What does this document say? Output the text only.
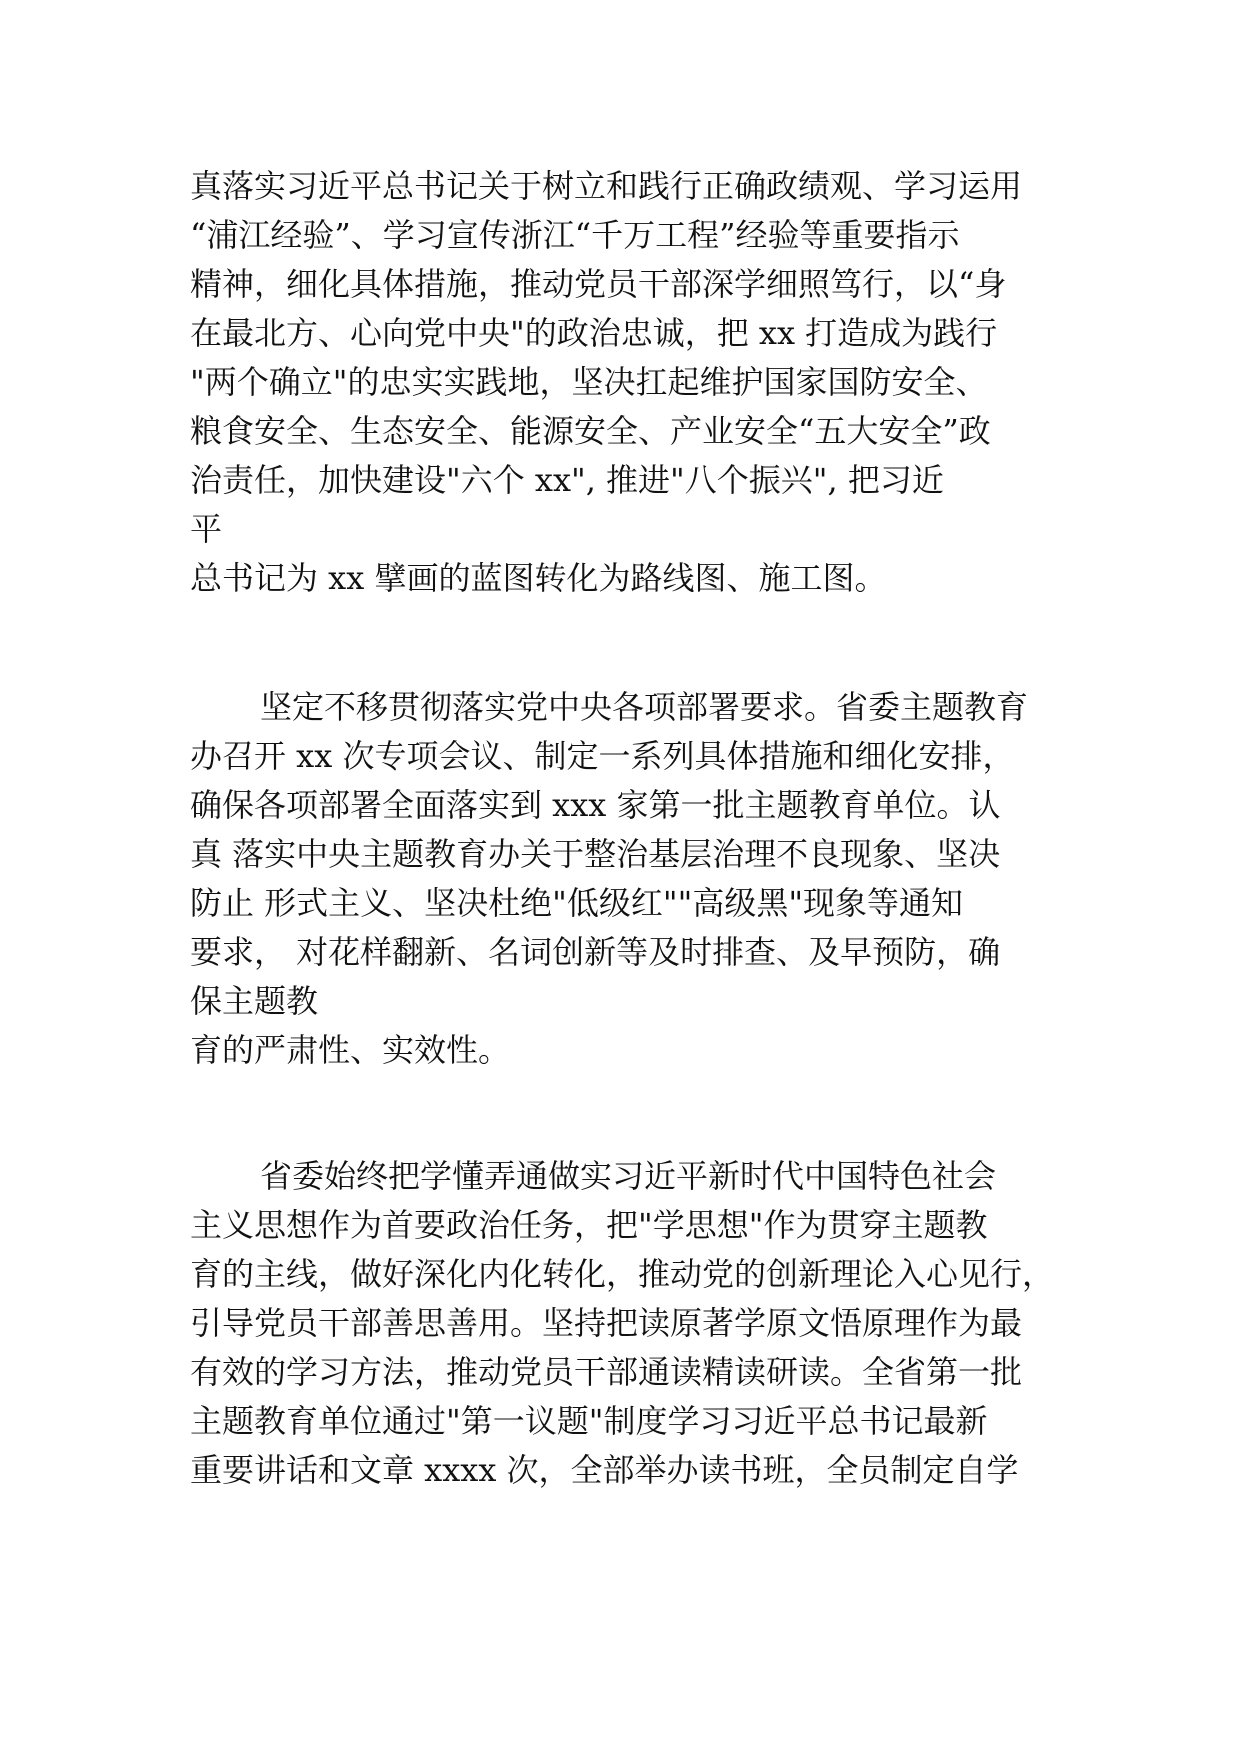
真落实习近平总书记关于树立和践行正确政绩观、学习运用
“浦江经验”、学习宣传浙江“千万工程”经验等重要指示
精神，细化具体措施，推动党员干部深学细照笃行，以“身
在最北方、心向党中央"的政治忠诚，把 xx 打造成为践行
"两个确立"的忠实实践地，坚决扛起维护国家国防安全、
粮食安全、生态安全、能源安全、产业安全“五大安全”政
治责任，加快建设"六个 xx", 推进"八个振兴", 把习近
平
总书记为 xx 擘画的蓝图转化为路线图、施工图。
坚定不移贯彻落实党中央各项部署要求。省委主题教育
办召开 xx 次专项会议、制定一系列具体措施和细化安排，
确保各项部署全面落实到 xxx 家第一批主题教育单位。认
真 落实中央主题教育办关于整治基层治理不良现象、坚决
防止 形式主义、坚决杜绝"低级红""高级黑"现象等通知
要求， 对花样翻新、名词创新等及时排查、及早预防，确
保主题教
育的严肃性、实效性。
省委始终把学懂弄通做实习近平新时代中国特色社会
主义思想作为首要政治任务，把"学思想"作为贯穿主题教
育的主线，做好深化内化转化，推动党的创新理论入心见行，
引导党员干部善思善用。坚持把读原著学原文悟原理作为最
有效的学习方法，推动党员干部通读精读研读。全省第一批
主题教育单位通过"第一议题"制度学习习近平总书记最新
重要讲话和文章 xxxx 次，全部举办读书班，全员制定自学
